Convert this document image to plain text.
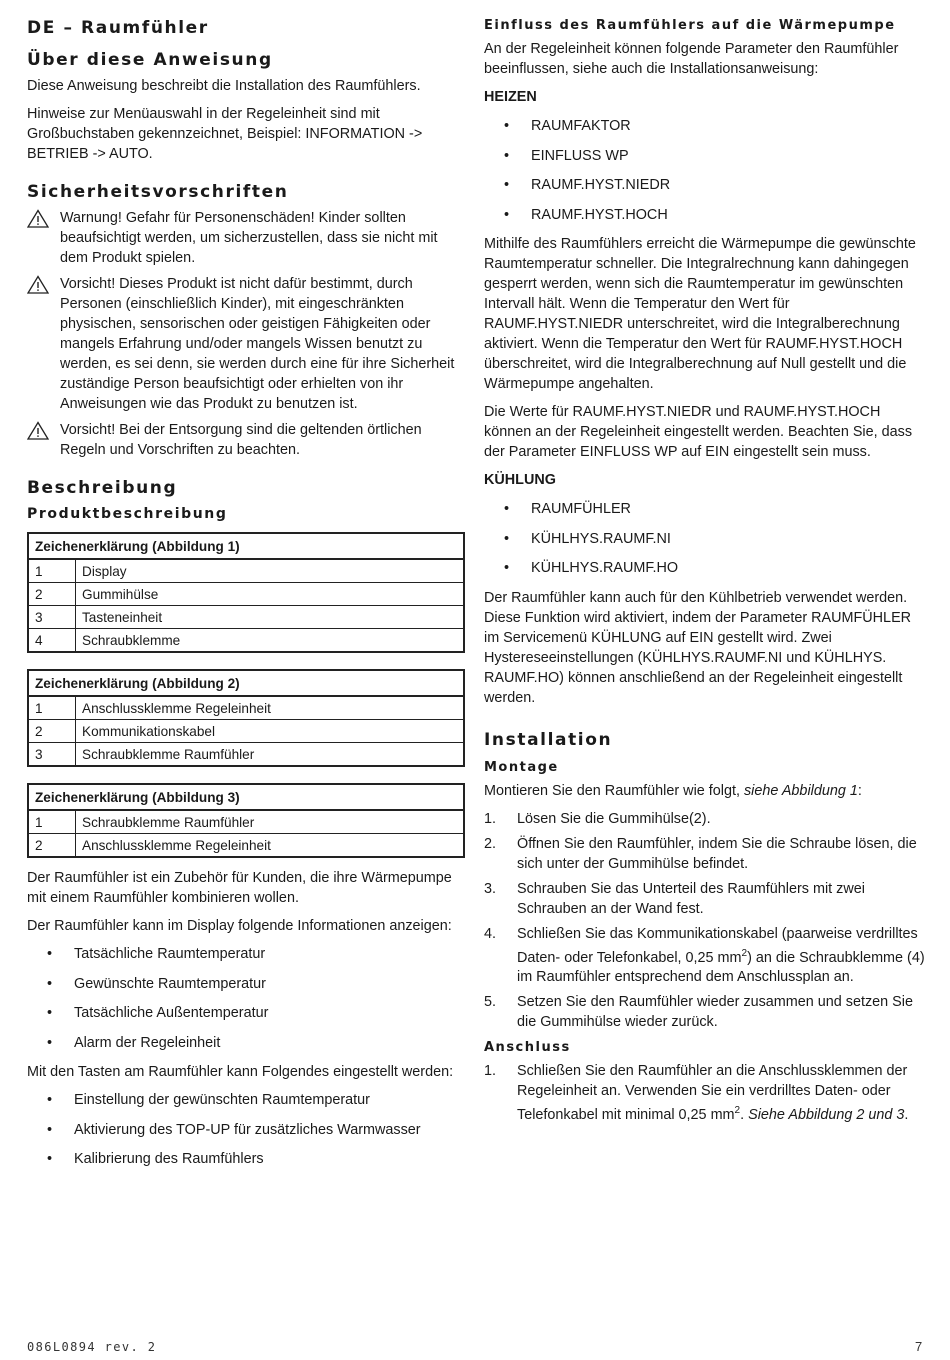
DE – Raumfühler
Über diese Anweisung

Diese Anweisung beschreibt die Installation des Raumfühlers.

Hinweise zur Menüauswahl in der Regeleinheit sind mit Großbuchstaben gekennzeichnet, Beispiel: INFORMATION -> BETRIEB -> AUTO.

Sicherheitsvorschriften
Warnung! Gefahr für Personenschäden! Kinder sollten beaufsichtigt werden, um sicherzustellen, dass sie nicht mit dem Produkt spielen.
Vorsicht! Dieses Produkt ist nicht dafür bestimmt, durch Personen (einschließlich Kinder), mit eingeschränkten physischen, sensorischen oder geistigen Fähigkeiten oder mangels Erfahrung und/oder mangels Wissen benutzt zu werden, es sei denn, sie werden durch eine für ihre Sicherheit zuständige Person beaufsichtigt oder erhielten von ihr Anweisungen wie das Produkt zu benutzen ist.
Vorsicht! Bei der Entsorgung sind die geltenden örtlichen Regeln und Vorschriften zu beachten.
Beschreibung
Produktbeschreibung
Zeichenerklärung (Abbildung 1)	
1	Display
2	Gummihülse
3	Tasteneinheit
4	Schraubklemme
Zeichenerklärung (Abbildung 2)	
1	Anschlussklemme Regeleinheit
2	Kommunikationskabel
3	Schraubklemme Raumfühler
Zeichenerklärung (Abbildung 3)	
1	Schraubklemme Raumfühler
2	Anschlussklemme Regeleinheit

Der Raumfühler ist ein Zubehör für Kunden, die ihre Wärmepumpe mit einem Raumfühler kombinieren wollen.

Der Raumfühler kann im Display folgende Informationen anzeigen:

• Tatsächliche Raumtemperatur
• Gewünschte Raumtemperatur
• Tatsächliche Außentemperatur
• Alarm der Regeleinheit

Mit den Tasten am Raumfühler kann Folgendes eingestellt werden:

• Einstellung der gewünschten Raumtemperatur
• Aktivierung des TOP-UP für zusätzliches Warmwasser
• Kalibrierung des Raumfühlers
Einfluss des Raumfühlers auf die Wärmepumpe

An der Regeleinheit können folgende Parameter den Raumfühler beeinflussen, siehe auch die Installationsanweisung:

HEIZEN
• RAUMFAKTOR
• EINFLUSS WP
• RAUMF.HYST.NIEDR
• RAUMF.HYST.HOCH

Mithilfe des Raumfühlers erreicht die Wärmepumpe die gewünschte Raumtemperatur schneller. Die Integralrechnung kann dahingegen gesperrt werden, wenn sich die Raumtemperatur im gewünschten Intervall hält. Wenn die Temperatur den Wert für RAUMF.HYST.NIEDR unterschreitet, wird die Integralberechnung aktiviert. Wenn die Temperatur den Wert für RAUMF.HYST.HOCH überschreitet, wird die Integralberechnung auf Null gestellt und die Wärmepumpe angehalten.

Die Werte für RAUMF.HYST.NIEDR und RAUMF.HYST.HOCH können an der Regeleinheit eingestellt werden. Beachten Sie, dass der Parameter EINFLUSS WP auf EIN eingestellt sein muss.

KÜHLUNG
• RAUMFÜHLER
• KÜHLHYS.RAUMF.NI
• KÜHLHYS.RAUMF.HO

Der Raumfühler kann auch für den Kühlbetrieb verwendet werden. Diese Funktion wird aktiviert, indem der Parameter RAUMFÜHLER im Servicemenü KÜHLUNG auf EIN gestellt wird. Zwei Hystereseeinstellungen (KÜHLHYS.RAUMF.NI und KÜHLHYS. RAUMF.HO) können anschließend an der Regeleinheit eingestellt werden.

Installation
Montage

Montieren Sie den Raumfühler wie folgt, siehe Abbildung 1:

1. Lösen Sie die Gummihülse(2).
2. Öffnen Sie den Raumfühler, indem Sie die Schraube lösen, die sich unter der Gummihülse befindet.
3. Schrauben Sie das Unterteil des Raumfühlers mit zwei Schrauben an der Wand fest.
4. Schließen Sie das Kommunikationskabel (paarweise verdrilltes Daten- oder Telefonkabel, 0,25 $mm^2$) an die Schraubklemme (4) im Raumfühler entsprechend dem Anschlussplan an.
5. Setzen Sie den Raumfühler wieder zusammen und setzen Sie die Gummihülse wieder zurück.
Anschluss
1. Schließen Sie den Raumfühler an die Anschlussklemmen der Regeleinheit an. Verwenden Sie ein verdrilltes Daten- oder Telefonkabel mit minimal 0,25 $mm^2$. Siehe Abbildung 2 und 3.
086L0894 rev. 2	7
